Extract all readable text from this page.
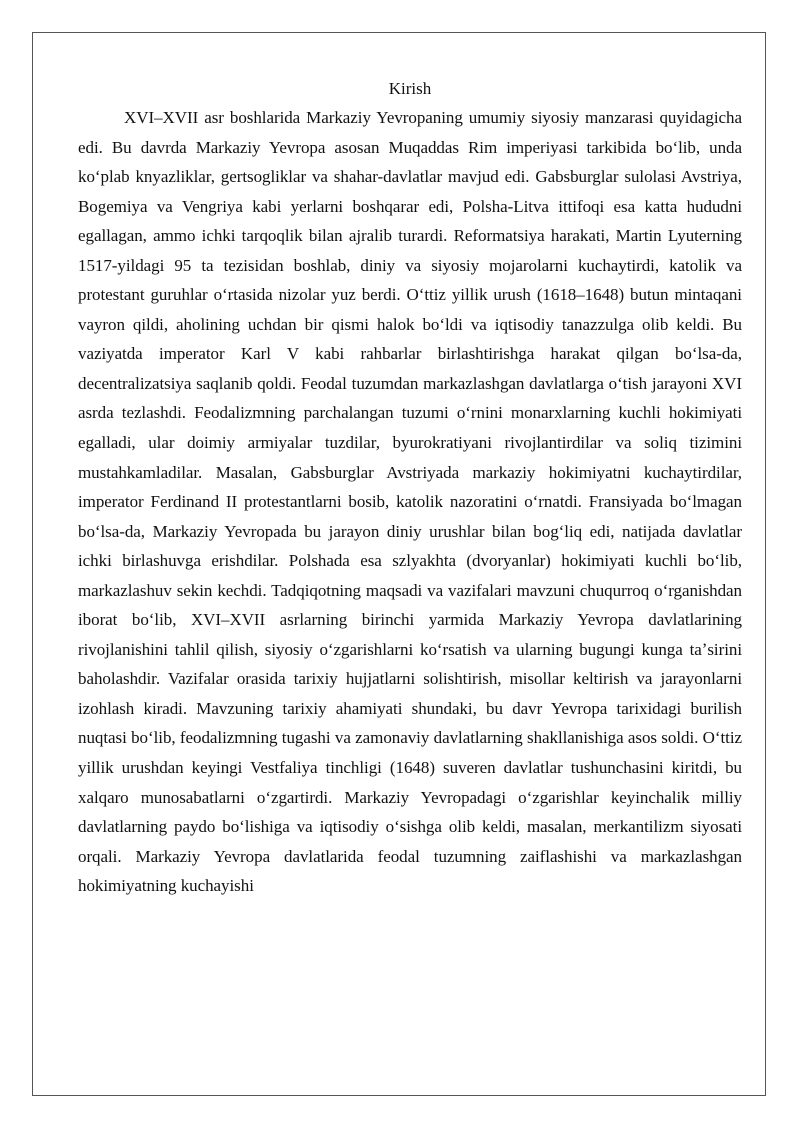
Kirish

XVI–XVII asr boshlarida Markaziy Yevropaning umumiy siyosiy manzarasi quyidagicha edi. Bu davrda Markaziy Yevropa asosan Muqaddas Rim imperiyasi tarkibida boʻlib, unda koʻplab knyazliklar, gertsogliklar va shahar-davlatlar mavjud edi. Gabsburglar sulolasi Avstriya, Bogemiya va Vengriya kabi yerlarni boshqarar edi, Polsha-Litva ittifoqi esa katta hududni egallagan, ammo ichki tarqoqlik bilan ajralib turardi. Reformatsiya harakati, Martin Lyuterning 1517-yildagi 95 ta tezisidan boshlab, diniy va siyosiy mojarolarni kuchaytirdi, katolik va protestant guruhlar oʻrtasida nizolar yuz berdi. Oʻttiz yillik urush (1618–1648) butun mintaqani vayron qildi, aholining uchdan bir qismi halok boʻldi va iqtisodiy tanazzulga olib keldi. Bu vaziyatda imperator Karl V kabi rahbarlar birlashtirishga harakat qilgan boʻlsa-da, decentralizatsiya saqlanib qoldi. Feodal tuzumdan markazlashgan davlatlarga oʻtish jarayoni XVI asrda tezlashdi. Feodalizmning parchalangan tuzumi oʻrnini monarxlarning kuchli hokimiyati egalladi, ular doimiy armiyalar tuzdilar, byurokratiyani rivojlantirdilar va soliq tizimini mustahkamladilar. Masalan, Gabsburglar Avstriyada markaziy hokimiyatni kuchaytirdilar, imperator Ferdinand II protestantlarni bosib, katolik nazoratini oʻrnatdi. Fransiyada boʻlmagan boʻlsa-da, Markaziy Yevropada bu jarayon diniy urushlar bilan bogʻliq edi, natijada davlatlar ichki birlashuvga erishdilar. Polshada esa szlyakhta (dvoryanlar) hokimiyati kuchli boʻlib, markazlashuv sekin kechdi. Tadqiqotning maqsadi va vazifalari mavzuni chuqurroq oʻrganishdan iborat boʻlib, XVI–XVII asrlarning birinchi yarmida Markaziy Yevropa davlatlarining rivojlanishini tahlil qilish, siyosiy oʻzgarishlarni koʻrsatish va ularning bugungi kunga taʼsirini baholashdir. Vazifalar orasida tarixiy hujjatlarni solishtirish, misollar keltirish va jarayonlarni izohlash kiradi. Mavzuning tarixiy ahamiyati shundaki, bu davr Yevropa tarixidagi burilish nuqtasi boʻlib, feodalizmning tugashi va zamonaviy davlatlarning shakllanishiga asos soldi. Oʻttiz yillik urushdan keyingi Vestfaliya tinchligi (1648) suveren davlatlar tushunchasini kiritdi, bu xalqaro munosabatlarni oʻzgartirdi. Markaziy Yevropadagi oʻzgarishlar keyinchalik milliy davlatlarning paydo boʻlishiga va iqtisodiy oʻsishga olib keldi, masalan, merkantilizm siyosati orqali. Markaziy Yevropa davlatlarida feodal tuzumning zaiflashishi va markazlashgan hokimiyatning kuchayishi
